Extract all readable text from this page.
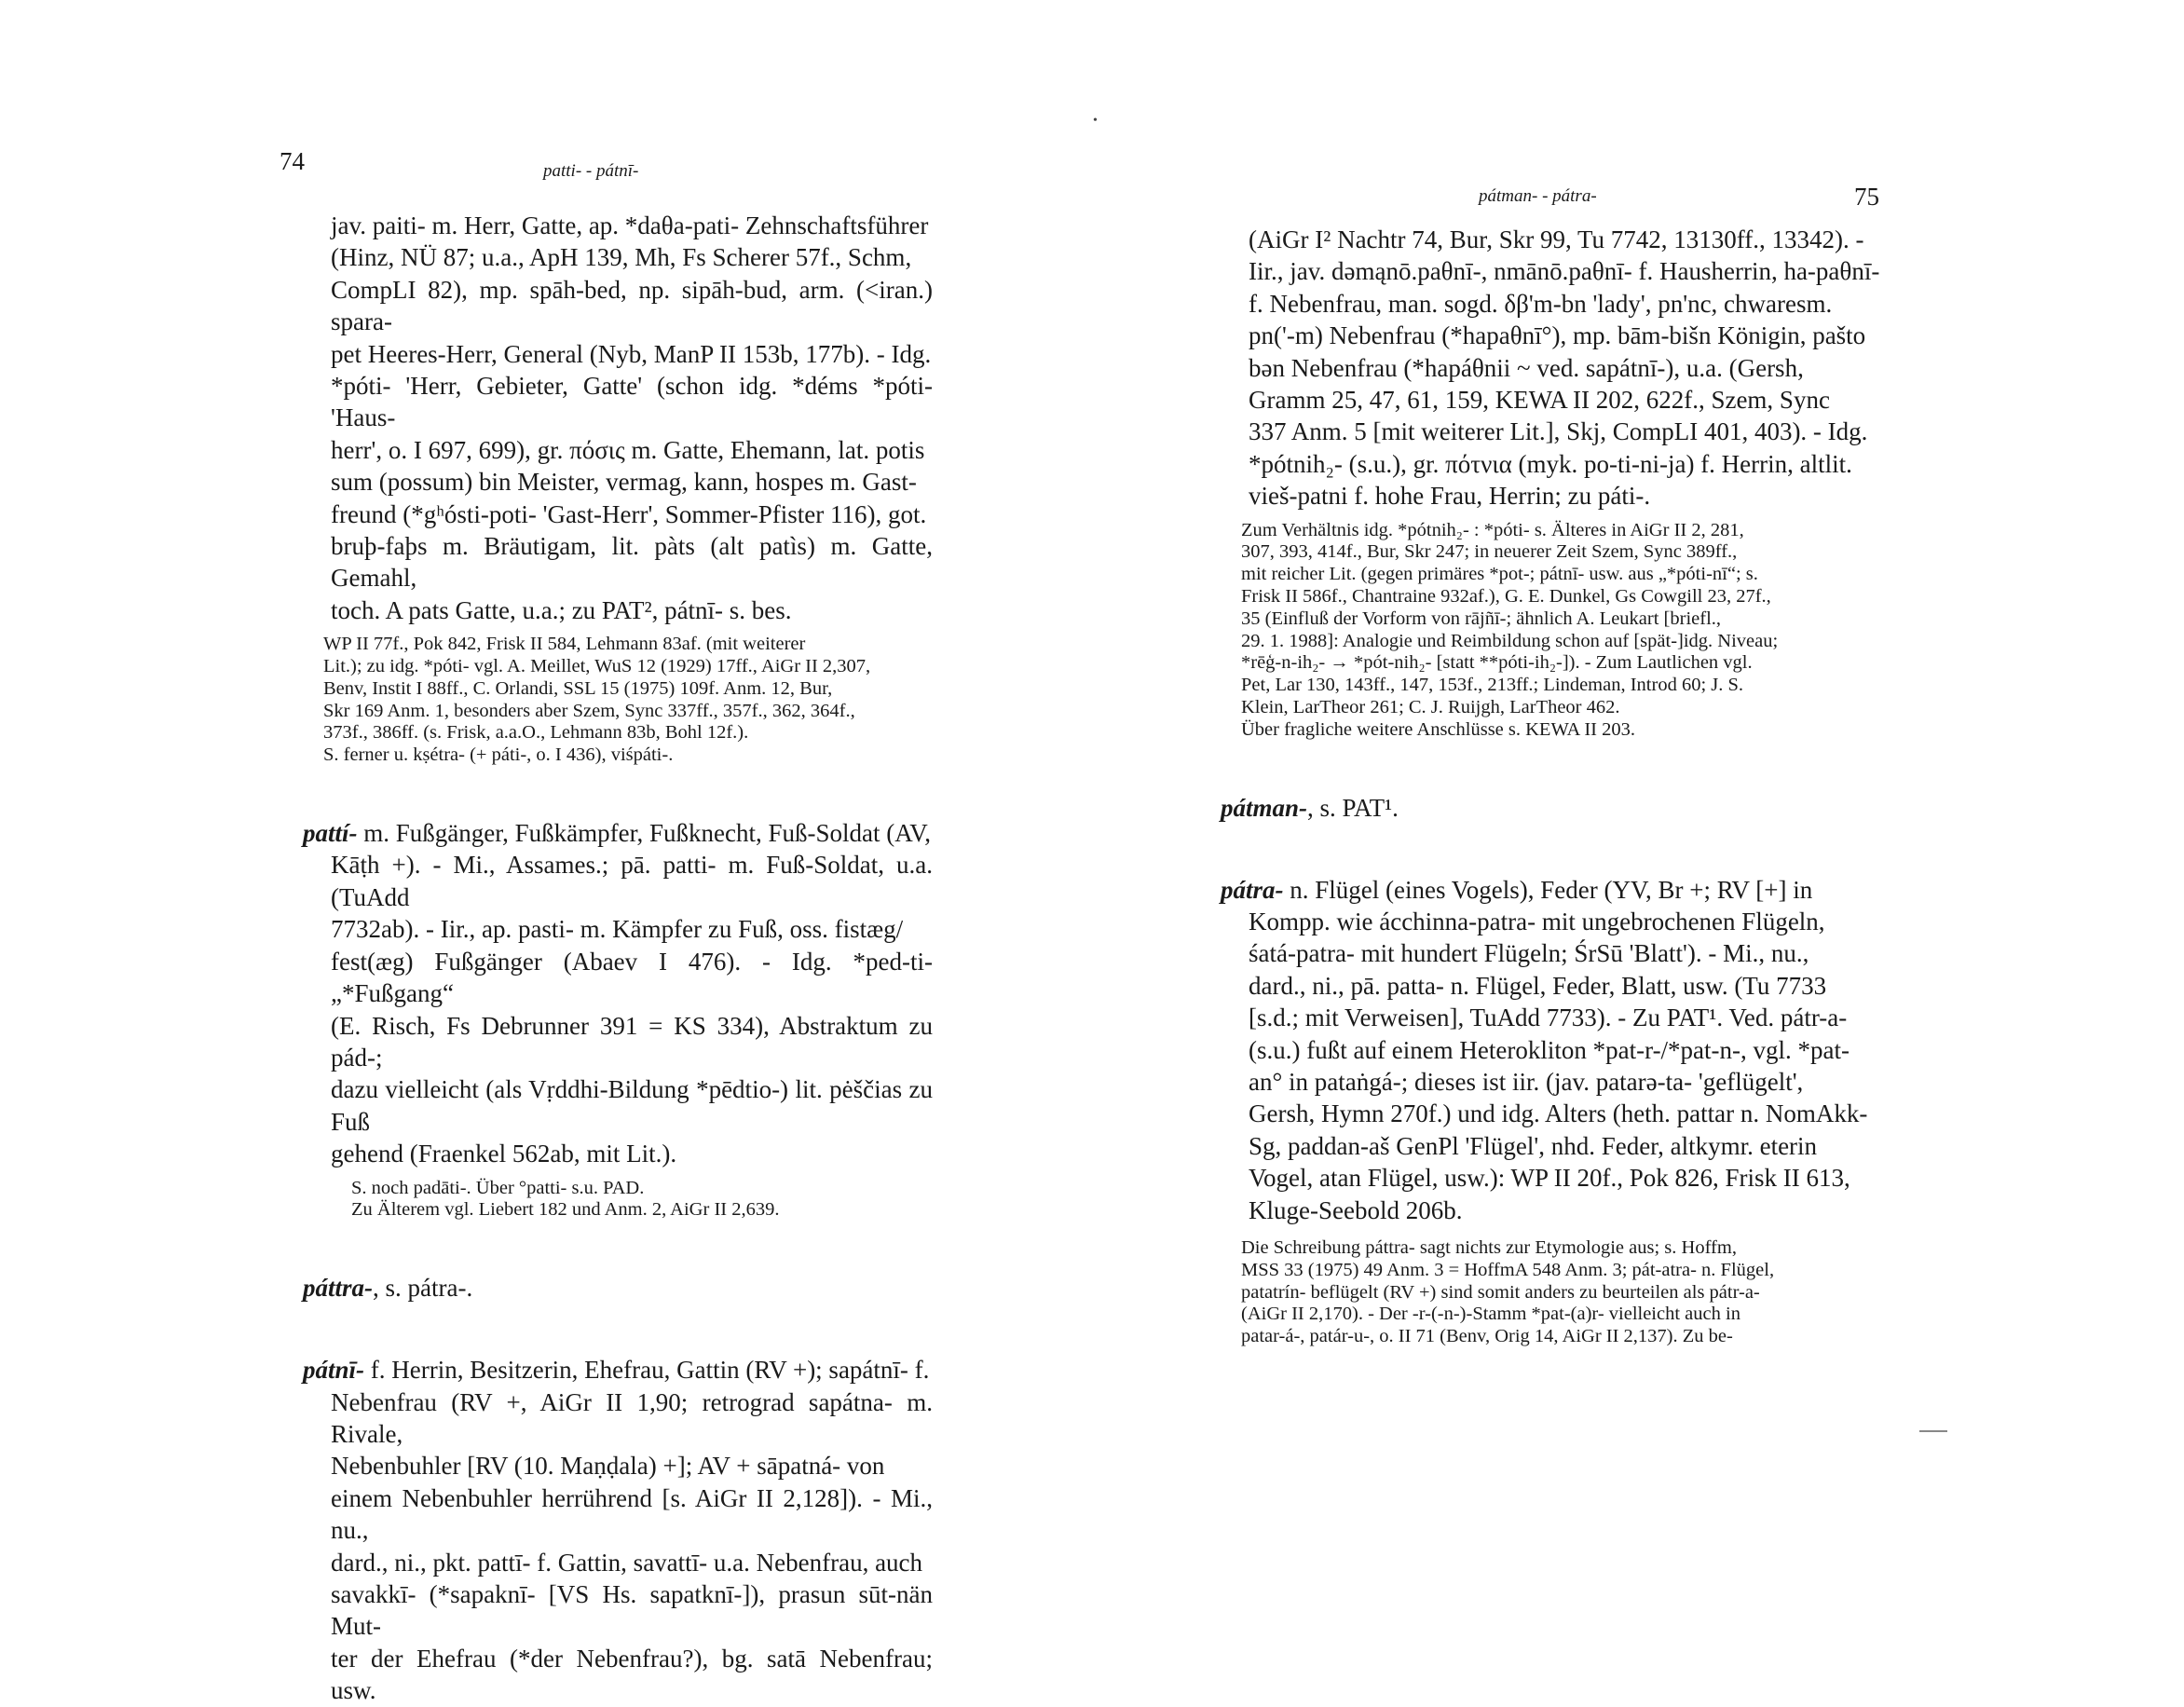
74	patti- - pátnī-

jav. paiti- m. Herr, Gatte, ap. *daθa-pati- Zehnschaftsführer
(Hinz, NÜ 87; u.a., ApH 139, Mh, Fs Scherer 57f., Schm,
CompLI 82), mp. spāh-bed, np. sipāh-bud, arm. (<iran.) spara-
pet Heeres-Herr, General (Nyb, ManP II 153b, 177b). - Idg.
*póti- 'Herr, Gebieter, Gatte' (schon idg. *déms *póti- 'Haus-
herr', o. I 697, 699), gr. πόσις m. Gatte, Ehemann, lat. potis
sum (possum) bin Meister, vermag, kann, hospes m. Gast-
freund (*gʰósti-poti- 'Gast-Herr', Sommer-Pfister 116), got.
bruþ-faþs m. Bräutigam, lit. pàts (alt patìs) m. Gatte, Gemahl,
toch. A pats Gatte, u.a.; zu PAT², pátnī- s. bes.

WP II 77f., Pok 842, Frisk II 584, Lehmann 83af. (mit weiterer
Lit.); zu idg. *póti- vgl. A. Meillet, WuS 12 (1929) 17ff., AiGr II 2,307,
Benv, Instit I 88ff., C. Orlandi, SSL 15 (1975) 109f. Anm. 12, Bur,
Skr 169 Anm. 1, besonders aber Szem, Sync 337ff., 357f., 362, 364f.,
373f., 386ff. (s. Frisk, a.a.O., Lehmann 83b, Bohl 12f.).
S. ferner u. kṣétra- (+ páti-, o. I 436), viśpáti-.

pattí- m. Fußgänger, Fußkämpfer, Fußknecht, Fuß-Soldat (AV,
Kāṭh +). - Mi., Assames.; pā. patti- m. Fuß-Soldat, u.a. (TuAdd
7732ab). - Iir., ap. pasti- m. Kämpfer zu Fuß, oss. fistæg/
fest(æg) Fußgänger (Abaev I 476). - Idg. *ped-ti- „*Fußgang“
(E. Risch, Fs Debrunner 391 = KS 334), Abstraktum zu pád-;
dazu vielleicht (als Vṛddhi-Bildung *pēdtio-) lit. pėščias zu Fuß
gehend (Fraenkel 562ab, mit Lit.).

S. noch padāti-. Über °patti- s.u. PAD.
Zu Älterem vgl. Liebert 182 und Anm. 2, AiGr II 2,639.

páttra-, s. pátra-.

pátnī- f. Herrin, Besitzerin, Ehefrau, Gattin (RV +); sapátnī- f.
Nebenfrau (RV +, AiGr II 1,90; retrograd sapátna- m. Rivale,
Nebenbuhler [RV (10. Maṇḍala) +]; AV + sāpatná- von
einem Nebenbuhler herrührend [s. AiGr II 2,128]). - Mi., nu.,
dard., ni., pkt. pattī- f. Gattin, savattī- u.a. Nebenfrau, auch
savakkī- (*sapaknī- [VS Hs. sapatknī-]), prasun sūt-nän Mut-
ter der Ehefrau (*der Nebenfrau?), bg. satā Nebenfrau; usw.

•
pátman- - pátra-	75

(AiGr I² Nachtr 74, Bur, Skr 99, Tu 7742, 13130ff., 13342). -
Iir., jav. dəmąnō.paθnī-, nmānō.paθnī- f. Hausherrin, ha-paθnī-
f. Nebenfrau, man. sogd. δβ'm-bn 'lady', pn'nc, chwaresm.
pn('-m) Nebenfrau (*hapaθnī°), mp. bām-bišn Königin, pašto
bən Nebenfrau (*hapáθnii ~ ved. sapátnī-), u.a. (Gersh,
Gramm 25, 47, 61, 159, KEWA II 202, 622f., Szem, Sync
337 Anm. 5 [mit weiterer Lit.], Skj, CompLI 401, 403). - Idg.
*pótnih₂- (s.u.), gr. πότνια (myk. po-ti-ni-ja) f. Herrin, altlit.
vieš-patni f. hohe Frau, Herrin; zu páti-.

Zum Verhältnis idg. *pótnih₂- : *póti- s. Älteres in AiGr II 2, 281,
307, 393, 414f., Bur, Skr 247; in neuerer Zeit Szem, Sync 389ff.,
mit reicher Lit. (gegen primäres *pot-; pátnī- usw. aus „*póti-nī“; s.
Frisk II 586f., Chantraine 932af.), G. E. Dunkel, Gs Cowgill 23, 27f.,
35 (Einfluß der Vorform von rājñī-; ähnlich A. Leukart [briefl.,
29. 1. 1988]: Analogie und Reimbildung schon auf [spät-]idg. Niveau;
*rēģ-n-ih₂- → *pót-nih₂- [statt **póti-ih₂-]). - Zum Lautlichen vgl.
Pet, Lar 130, 143ff., 147, 153f., 213ff.; Lindeman, Introd 60; J. S.
Klein, LarTheor 261; C. J. Ruijgh, LarTheor 462.
Über fragliche weitere Anschlüsse s. KEWA II 203.

pátman-, s. PAT¹.

pátra- n. Flügel (eines Vogels), Feder (YV, Br +; RV [+] in
Kompp. wie ácchinna-patra- mit ungebrochenen Flügeln,
śatá-patra- mit hundert Flügeln; ŚrSū 'Blatt'). - Mi., nu.,
dard., ni., pā. patta- n. Flügel, Feder, Blatt, usw. (Tu 7733
[s.d.; mit Verweisen], TuAdd 7733). - Zu PAT¹. Ved. pátr-a-
(s.u.) fußt auf einem Heterokliton *pat-r-/*pat-n-, vgl. *pat-
an° in pataṅgá-; dieses ist iir. (jav. patarə-ta- 'geflügelt',
Gersh, Hymn 270f.) und idg. Alters (heth. pattar n. NomAkk-
Sg, paddan-aš GenPl 'Flügel', nhd. Feder, altkymr. eterin
Vogel, atan Flügel, usw.): WP II 20f., Pok 826, Frisk II 613,
Kluge-Seebold 206b.

Die Schreibung páttra- sagt nichts zur Etymologie aus; s. Hoffm,
MSS 33 (1975) 49 Anm. 3 = HoffmA 548 Anm. 3; pát-atra- n. Flügel,
patatrín- beflügelt (RV +) sind somit anders zu beurteilen als pátr-a-
(AiGr II 2,170). - Der -r-(-n-)-Stamm *pat-(a)r- vielleicht auch in
patar-á-, patár-u-, o. II 71 (Benv, Orig 14, AiGr II 2,137). Zu be-
